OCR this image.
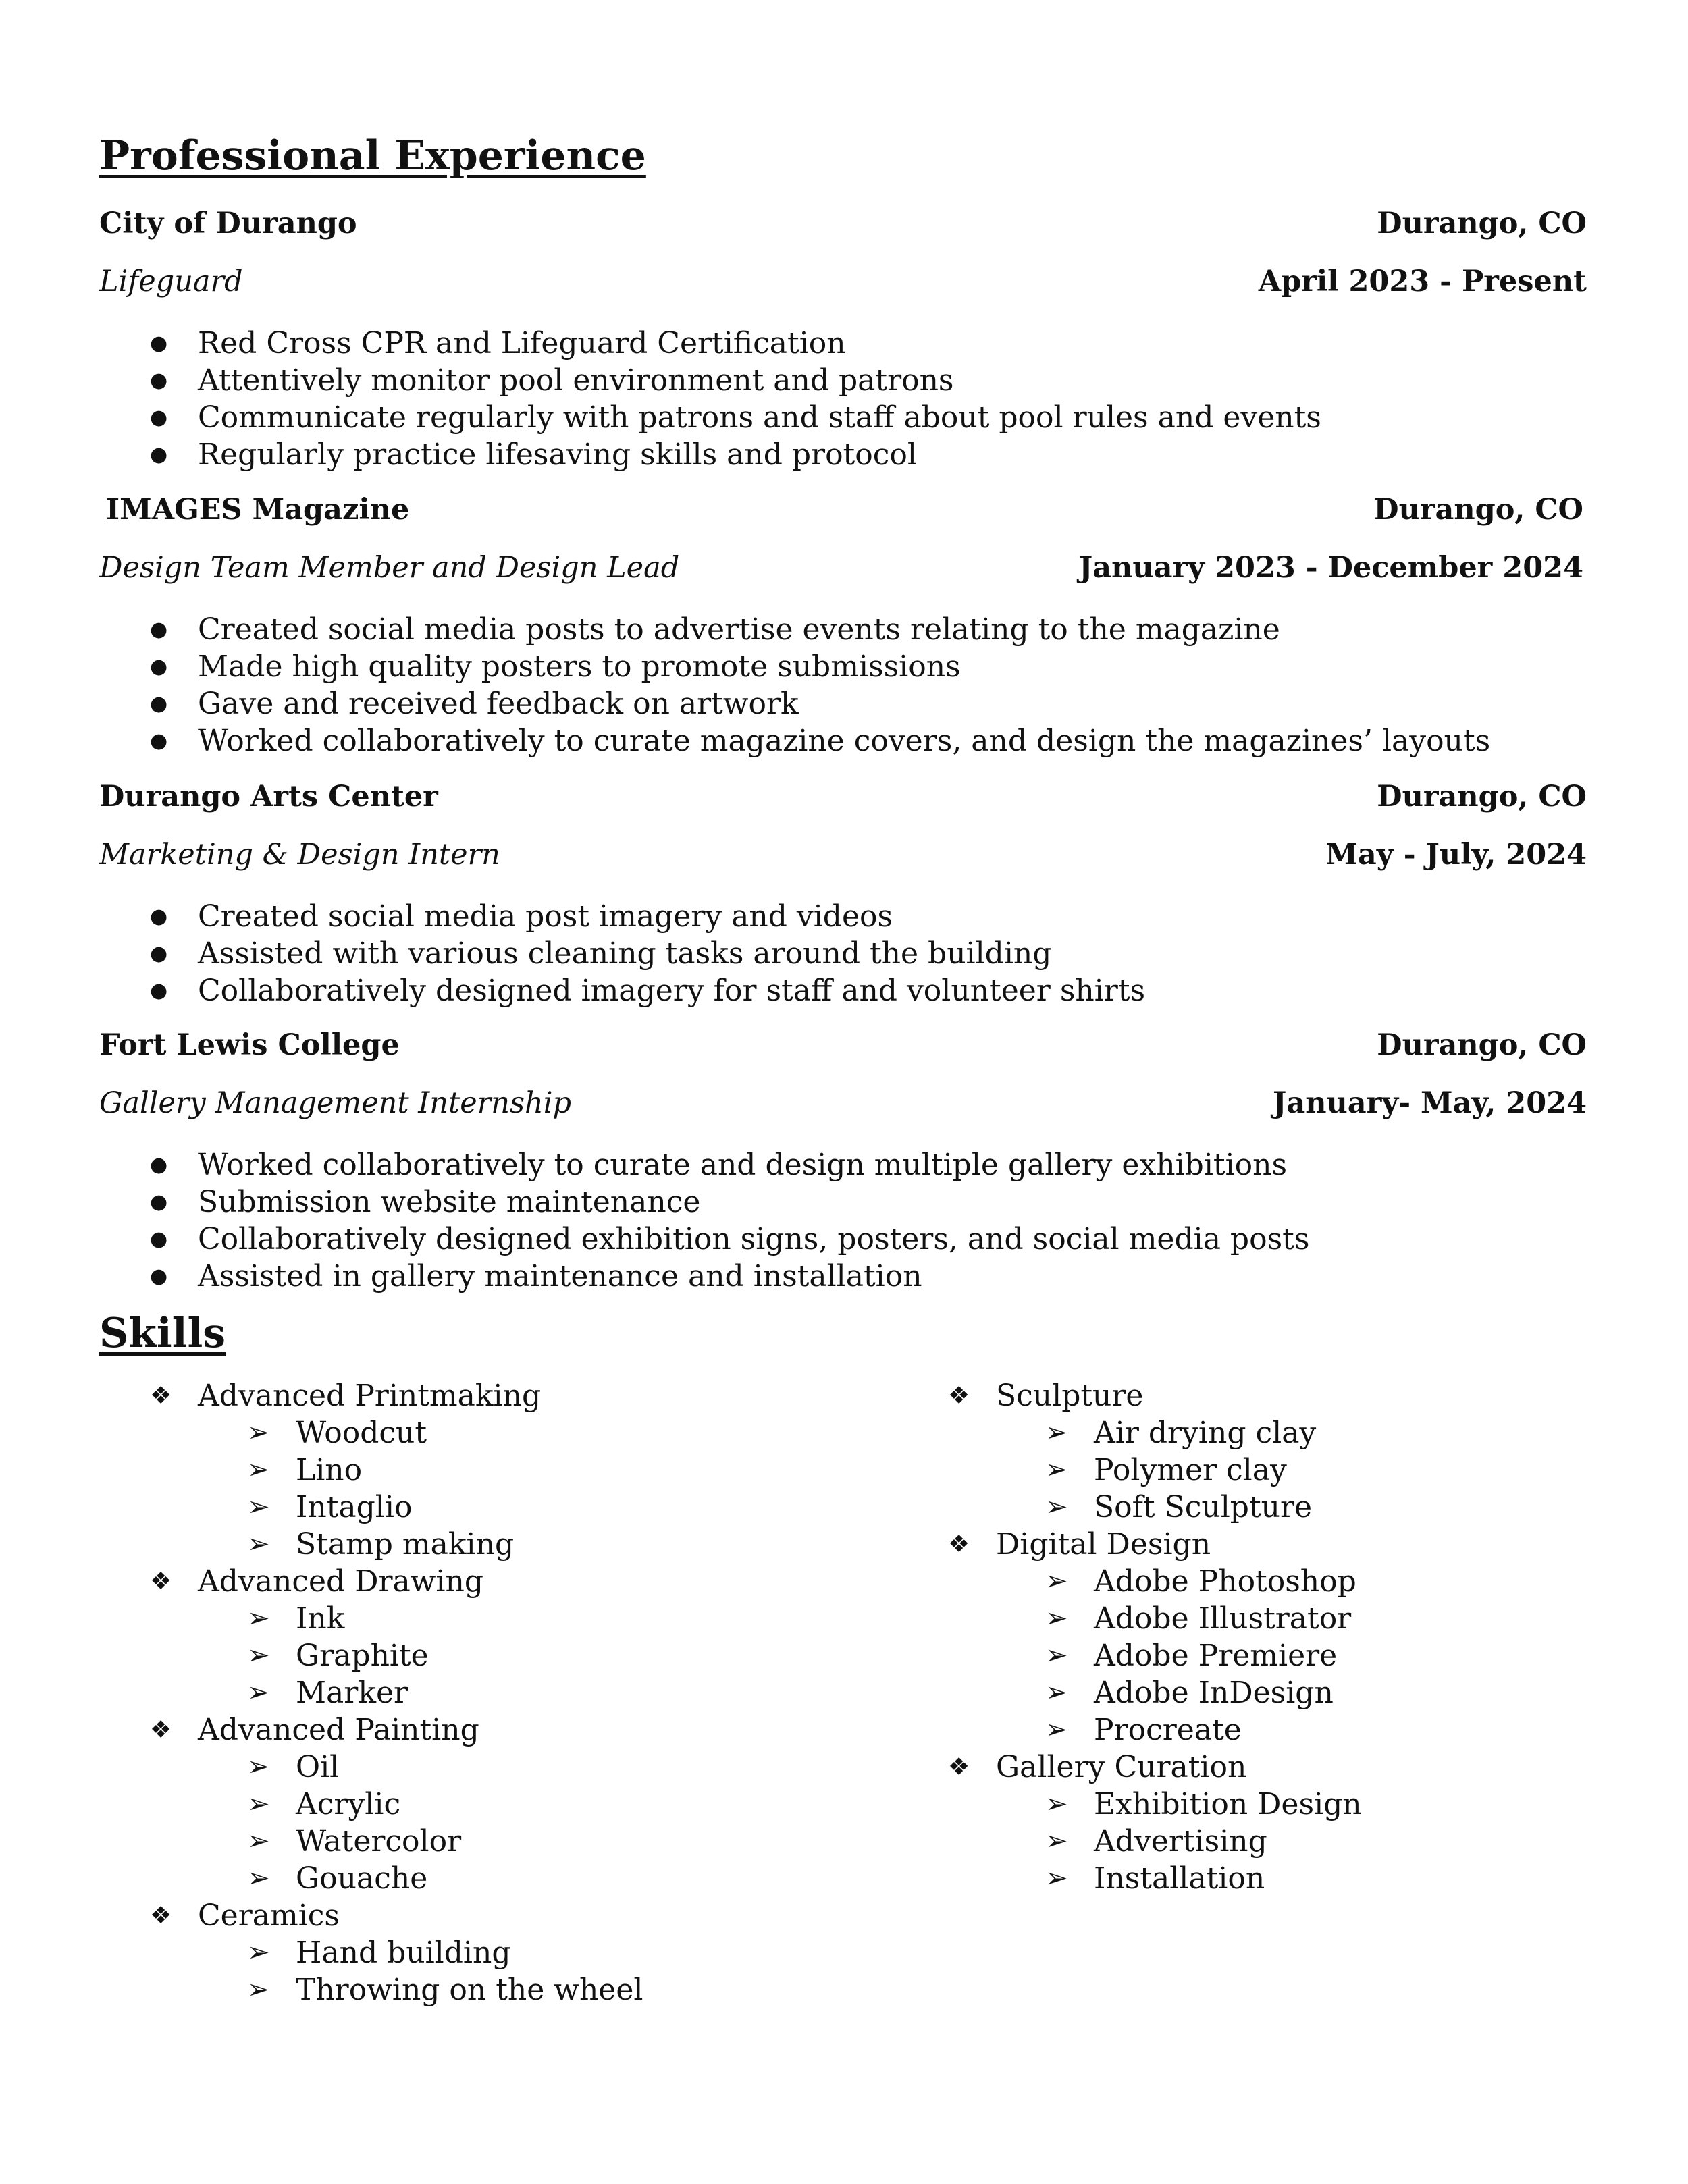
Professional Experience
City of Durango	Durango, CO
Lifeguard	April 2023 - Present
●	Red Cross CPR and Lifeguard Certification
●	Attentively monitor pool environment and patrons
●	Communicate regularly with patrons and staff about pool rules and events
●	Regularly practice lifesaving skills and protocol
IMAGES Magazine	Durango, CO
Design Team Member and Design Lead	January 2023 - December 2024
●	Created social media posts to advertise events relating to the magazine
●	Made high quality posters to promote submissions
●	Gave and received feedback on artwork
●	Worked collaboratively to curate magazine covers, and design the magazines’ layouts
Durango Arts Center	Durango, CO
Marketing & Design Intern	May - July, 2024
●	Created social media post imagery and videos
●	Assisted with various cleaning tasks around the building
●	Collaboratively designed imagery for staff and volunteer shirts
Fort Lewis College	Durango, CO
Gallery Management Internship	January- May, 2024
●	Worked collaboratively to curate and design multiple gallery exhibitions
●	Submission website maintenance
●	Collaboratively designed exhibition signs, posters, and social media posts
●	Assisted in gallery maintenance and installation
Skills
❖ Advanced Printmaking
➢ Woodcut
➢ Lino
➢ Intaglio
➢ Stamp making
❖ Advanced Drawing
➢ Ink
➢ Graphite
➢ Marker
❖ Advanced Painting
➢ Oil
➢ Acrylic
➢ Watercolor
➢ Gouache
❖ Ceramics
➢ Hand building
➢ Throwing on the wheel
❖ Sculpture
➢ Air drying clay
➢ Polymer clay
➢ Soft Sculpture
❖ Digital Design
➢ Adobe Photoshop
➢ Adobe Illustrator
➢ Adobe Premiere
➢ Adobe InDesign
➢ Procreate
❖ Gallery Curation
➢ Exhibition Design
➢ Advertising
➢ Installation
